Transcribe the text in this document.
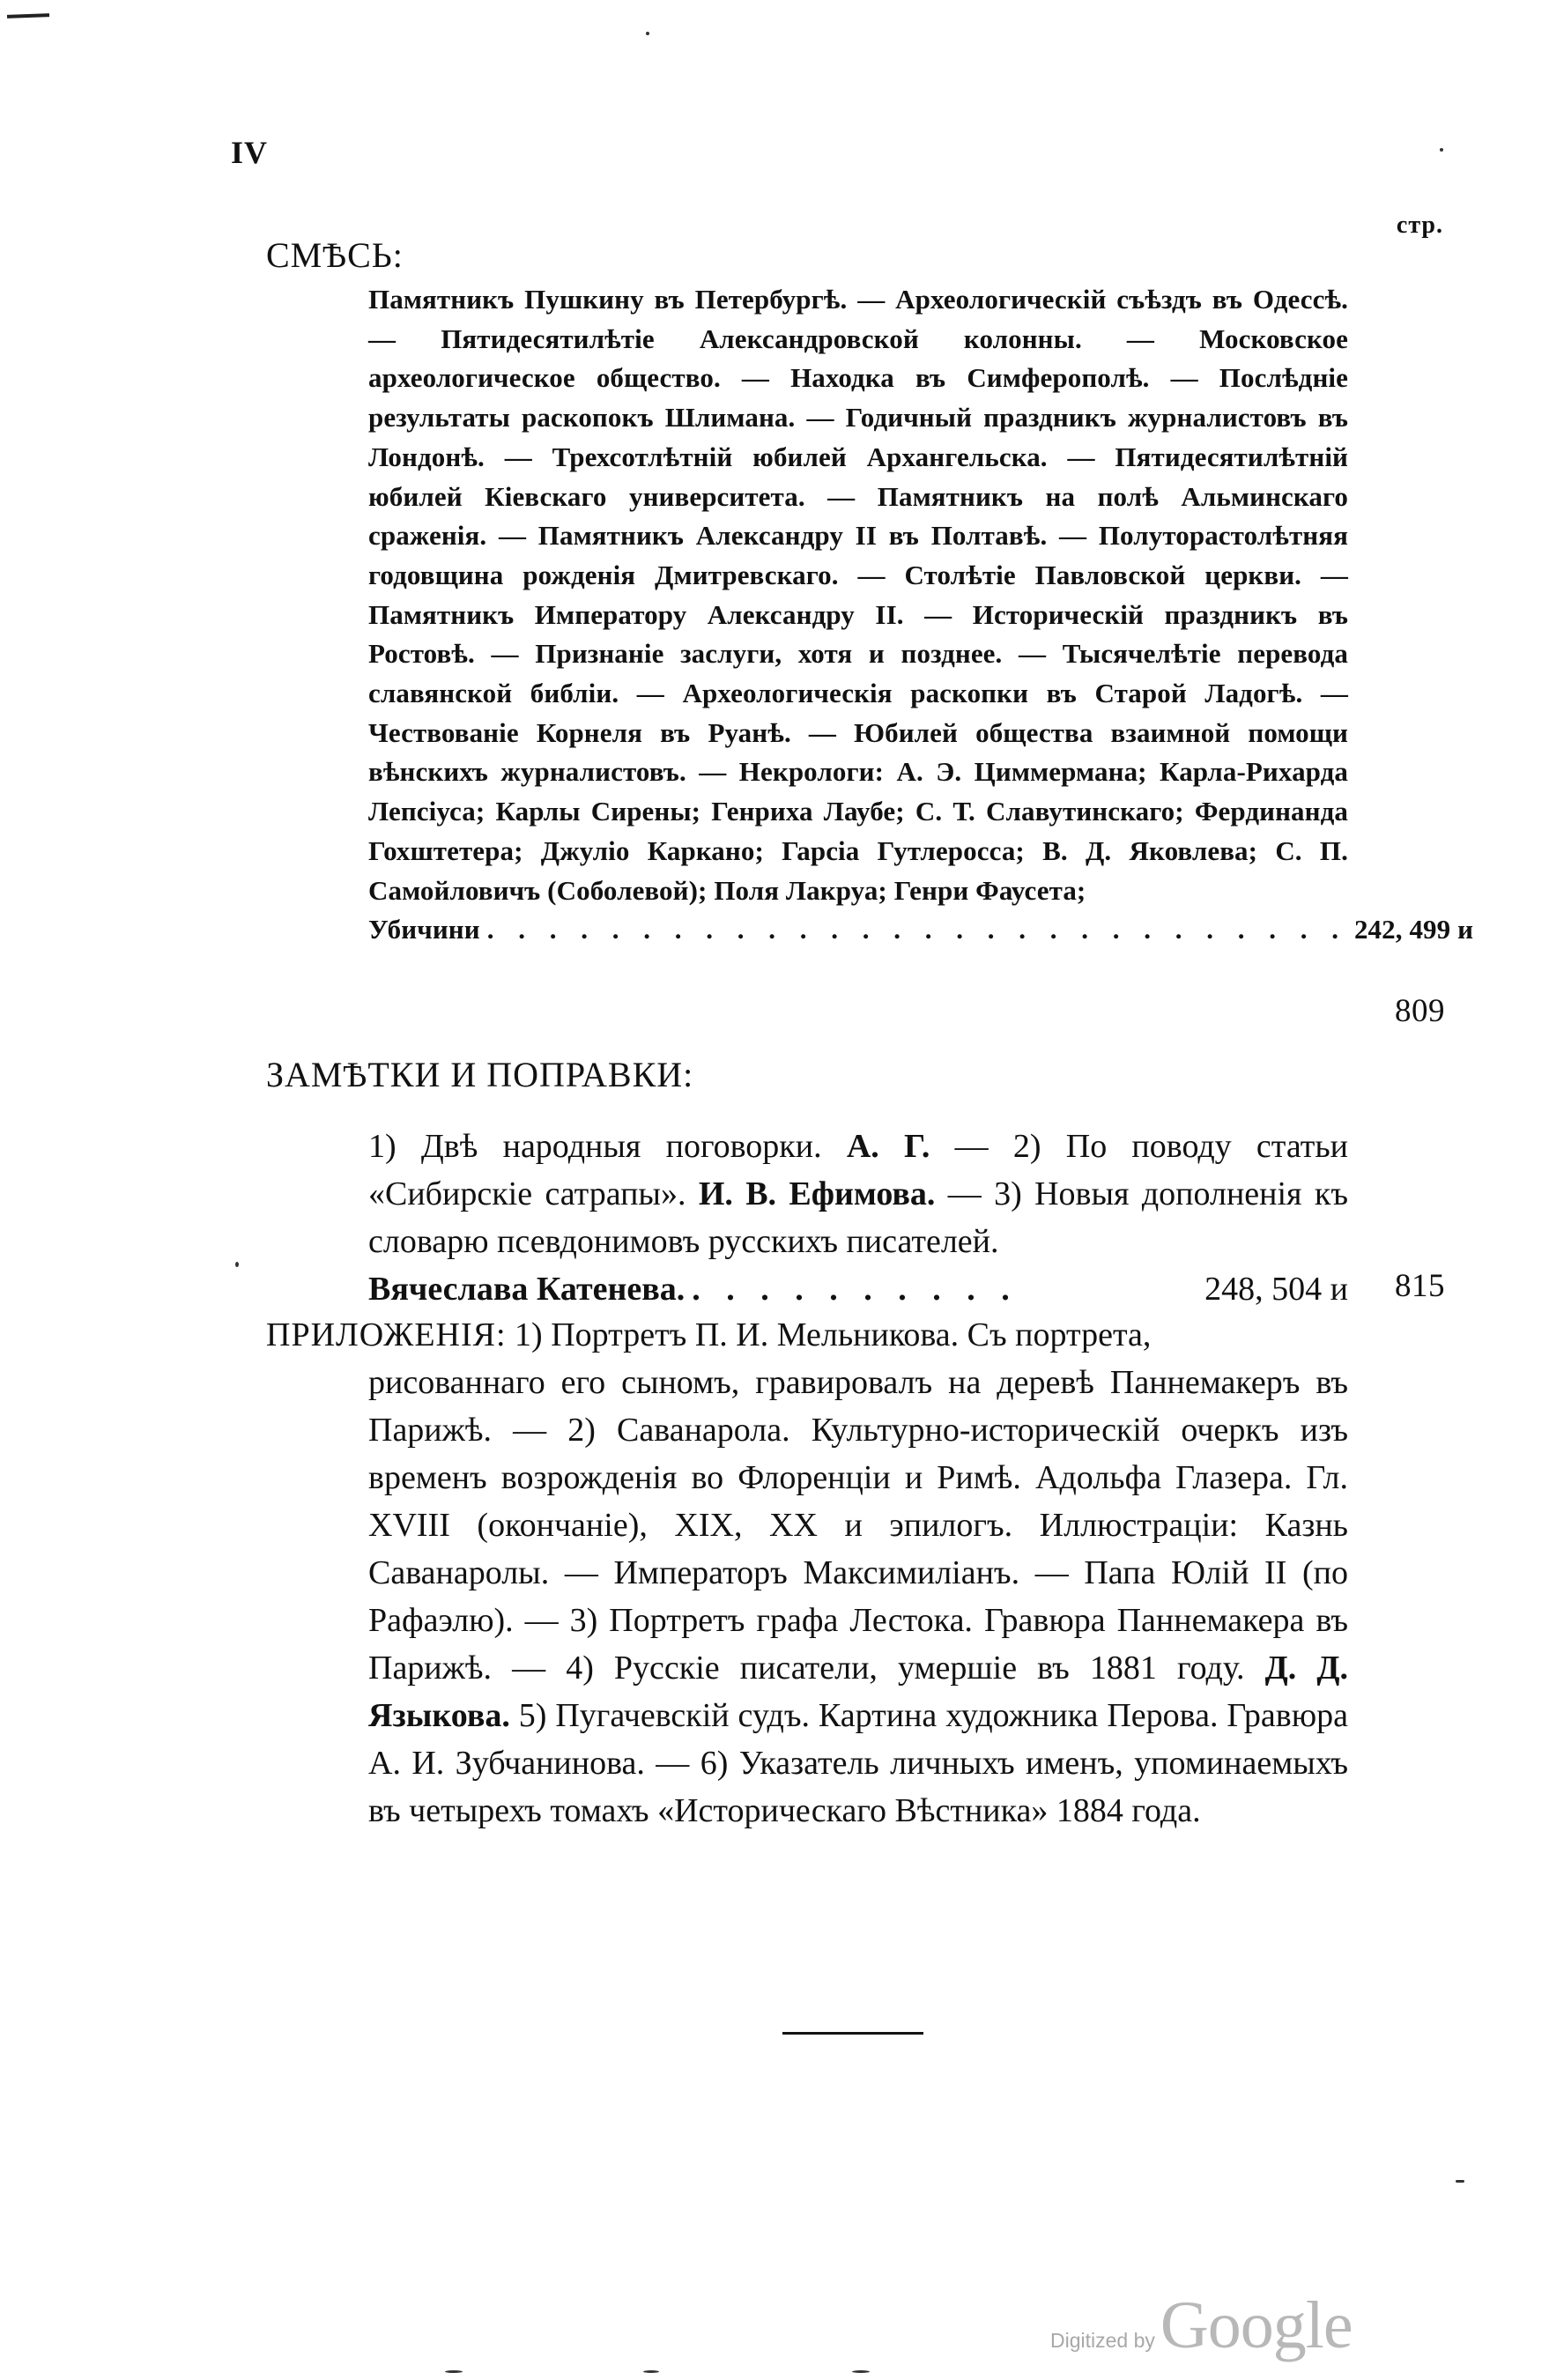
IV
стр.
СМѢСЬ:
Памятникъ Пушкину въ Петербургѣ. — Археологическій съѣздъ въ Одессѣ. — Пятидесятилѣтіе Александровской колонны. — Московское археологическое общество. — Находка въ Симферополѣ. — Послѣдніе результаты раскопокъ Шлимана. — Годичный праздникъ журналистовъ въ Лондонѣ. — Трехсотлѣтній юбилей Архангельска. — Пятидесятилѣтній юбилей Кіевскаго университета. — Памятникъ на полѣ Альминскаго сраженія. — Памятникъ Александру II въ Полтавѣ. — Полуторастолѣтняя годовщина рожденія Дмитревскаго. — Столѣтіе Павловской церкви. — Памятникъ Императору Александру II. — Историческій праздникъ въ Ростовѣ. — Признаніе заслуги, хотя и позднее. — Тысячелѣтіе перевода славянской библіи. — Археологическія раскопки въ Старой Ладогѣ. — Чествованіе Корнеля въ Руанѣ. — Юбилей общества взаимной помощи вѣнскихъ журналистовъ. — Некрологи: А. Э. Циммермана; Карла-Рихарда Лепсіуса; Карлы Сирены; Генриха Лаубе; С. Т. Славутинскаго; Фердинанда Гохштетера; Джуліо Каркано; Гарсіа Гутлеросса; В. Д. Яковлева; С. П. Самойловичъ (Соболевой); Поля Лакруа; Генри Фаусета;
Убичини . . . . . . . . . . . . . . . . . . . . . . . . . . . . 242, 499 и
809
ЗАМѢТКИ И ПОПРАВКИ:
1) Двѣ народныя поговорки. А. Г. — 2) По поводу статьи «Сибирскіе сатрапы». И. В. Ефимова. — 3) Новыя дополненія къ словарю псевдонимовъ русскихъ писателей.
Вячеслава Катенева. . . . . . . . . . .	248, 504 и 815
ПРИЛОЖЕНІЯ: 1) Портретъ П. И. Мельникова. Съ портрета,
рисованнаго его сыномъ, гравировалъ на деревѣ Паннемакеръ въ Парижѣ. — 2) Саванарола. Культурно-историческій очеркъ изъ временъ возрожденія во Флоренціи и Римѣ. Адольфа Глазера. Гл. XVIII (окончаніе), XIX, XX и эпилогъ. Иллюстраціи: Казнь Саванаролы. — Императоръ Максимиліанъ. — Папа Юлій II (по Рафаэлю). — 3) Портретъ графа Лестока. Гравюра Паннемакера въ Парижѣ. — 4) Русскіе писатели, умершіе въ 1881 году. Д. Д. Языкова. 5) Пугачевскій судъ. Картина художника Перова. Гравюра А. И. Зубчанинова. — 6) Указатель личныхъ именъ, упоминаемыхъ въ четырехъ томахъ «Историческаго Вѣстника» 1884 года.
Digitized by Google
